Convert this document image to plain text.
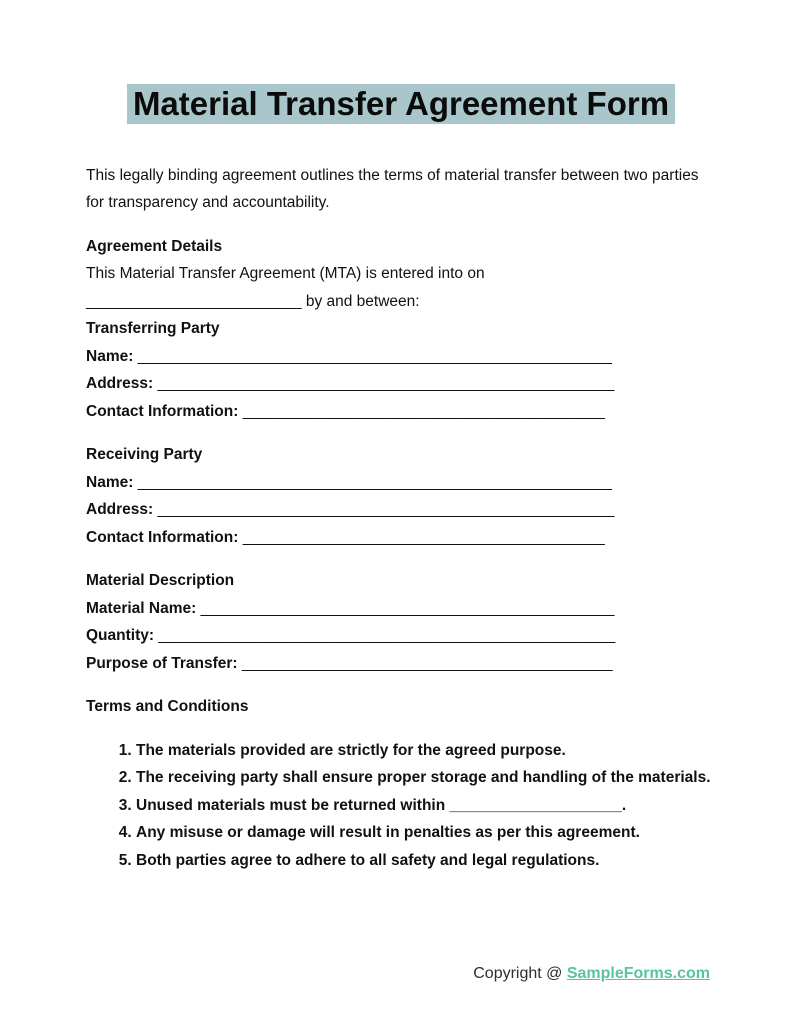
Material Transfer Agreement Form

This legally binding agreement outlines the terms of material transfer between two parties for transparency and accountability.

Agreement Details
This Material Transfer Agreement (MTA) is entered into on
_________________________ by and between:
Transferring Party
Name: _______________________________________________________
Address: _____________________________________________________
Contact Information: __________________________________________
Receiving Party
Name: _______________________________________________________
Address: _____________________________________________________
Contact Information: __________________________________________
Material Description
Material Name: ________________________________________________
Quantity: _____________________________________________________
Purpose of Transfer: ___________________________________________
Terms and Conditions
1. The materials provided are strictly for the agreed purpose.
2. The receiving party shall ensure proper storage and handling of the materials.
3. Unused materials must be returned within ____________________.
4. Any misuse or damage will result in penalties as per this agreement.
5. Both parties agree to adhere to all safety and legal regulations.
Copyright @ SampleForms.com
